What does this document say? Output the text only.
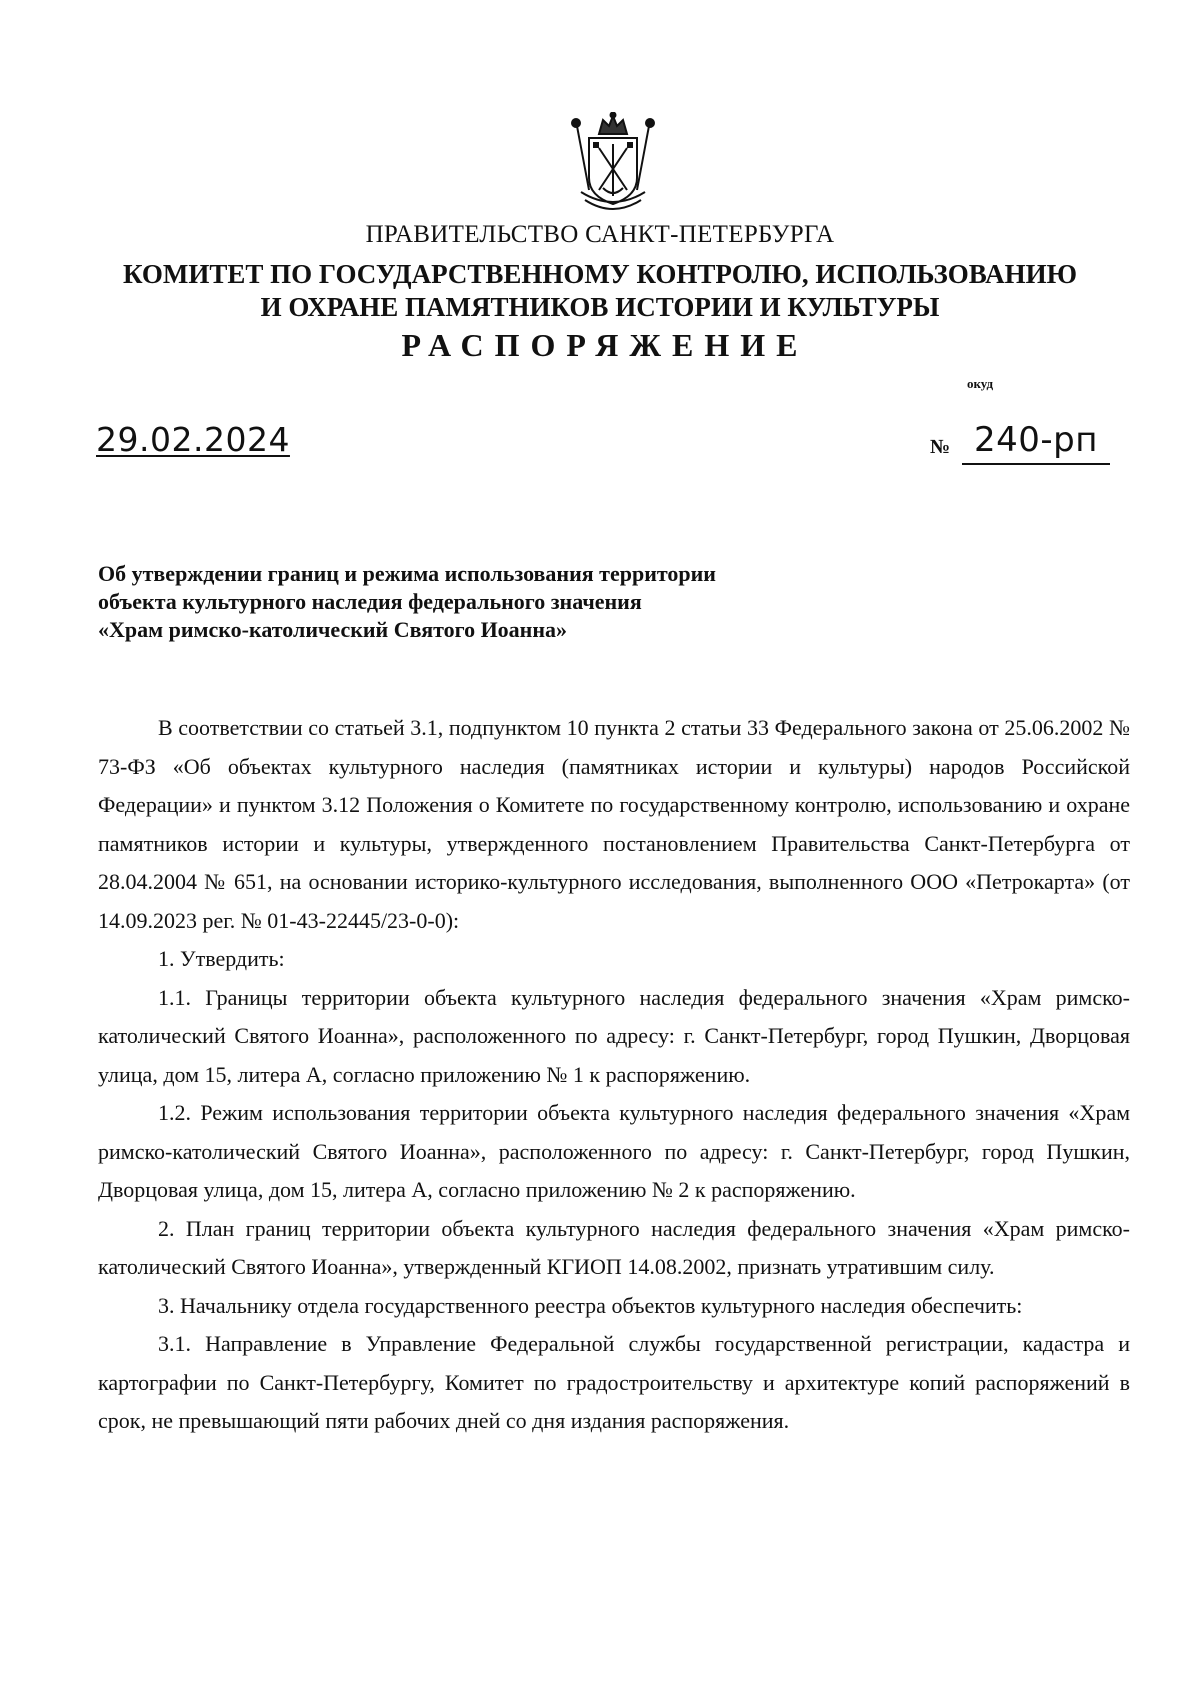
ПРАВИТЕЛЬСТВО САНКТ-ПЕТЕРБУРГА
КОМИТЕТ ПО ГОСУДАРСТВЕННОМУ КОНТРОЛЮ, ИСПОЛЬЗОВАНИЮ
И ОХРАНЕ ПАМЯТНИКОВ ИСТОРИИ И КУЛЬТУРЫ
РАСПОРЯЖЕНИЕ
окуд
29.02.2024	№ 240-рп
Об утверждении границ и режима использования территории
объекта культурного наследия федерального значения
«Храм римско-католический Святого Иоанна»

В соответствии со статьей 3.1, подпунктом 10 пункта 2 статьи 33 Федерального закона от 25.06.2002 № 73-ФЗ «Об объектах культурного наследия (памятниках истории и культуры) народов Российской Федерации» и пунктом 3.12 Положения о Комитете по государственному контролю, использованию и охране памятников истории и культуры, утвержденного постановлением Правительства Санкт-Петербурга от 28.04.2004 № 651, на основании историко-культурного исследования, выполненного ООО «Петрокарта» (от 14.09.2023 рег. № 01-43-22445/23-0-0):

1. Утвердить:

1.1. Границы территории объекта культурного наследия федерального значения «Храм римско-католический Святого Иоанна», расположенного по адресу: г. Санкт-Петербург, город Пушкин, Дворцовая улица, дом 15, литера А, согласно приложению № 1 к распоряжению.

1.2. Режим использования территории объекта культурного наследия федерального значения «Храм римско-католический Святого Иоанна», расположенного по адресу: г. Санкт-Петербург, город Пушкин, Дворцовая улица, дом 15, литера А, согласно приложению № 2 к распоряжению.

2. План границ территории объекта культурного наследия федерального значения «Храм римско-католический Святого Иоанна», утвержденный КГИОП 14.08.2002, признать утратившим силу.

3. Начальнику отдела государственного реестра объектов культурного наследия обеспечить:

3.1. Направление в Управление Федеральной службы государственной регистрации, кадастра и картографии по Санкт-Петербургу, Комитет по градостроительству и архитектуре копий распоряжений в срок, не превышающий пяти рабочих дней со дня издания распоряжения.
